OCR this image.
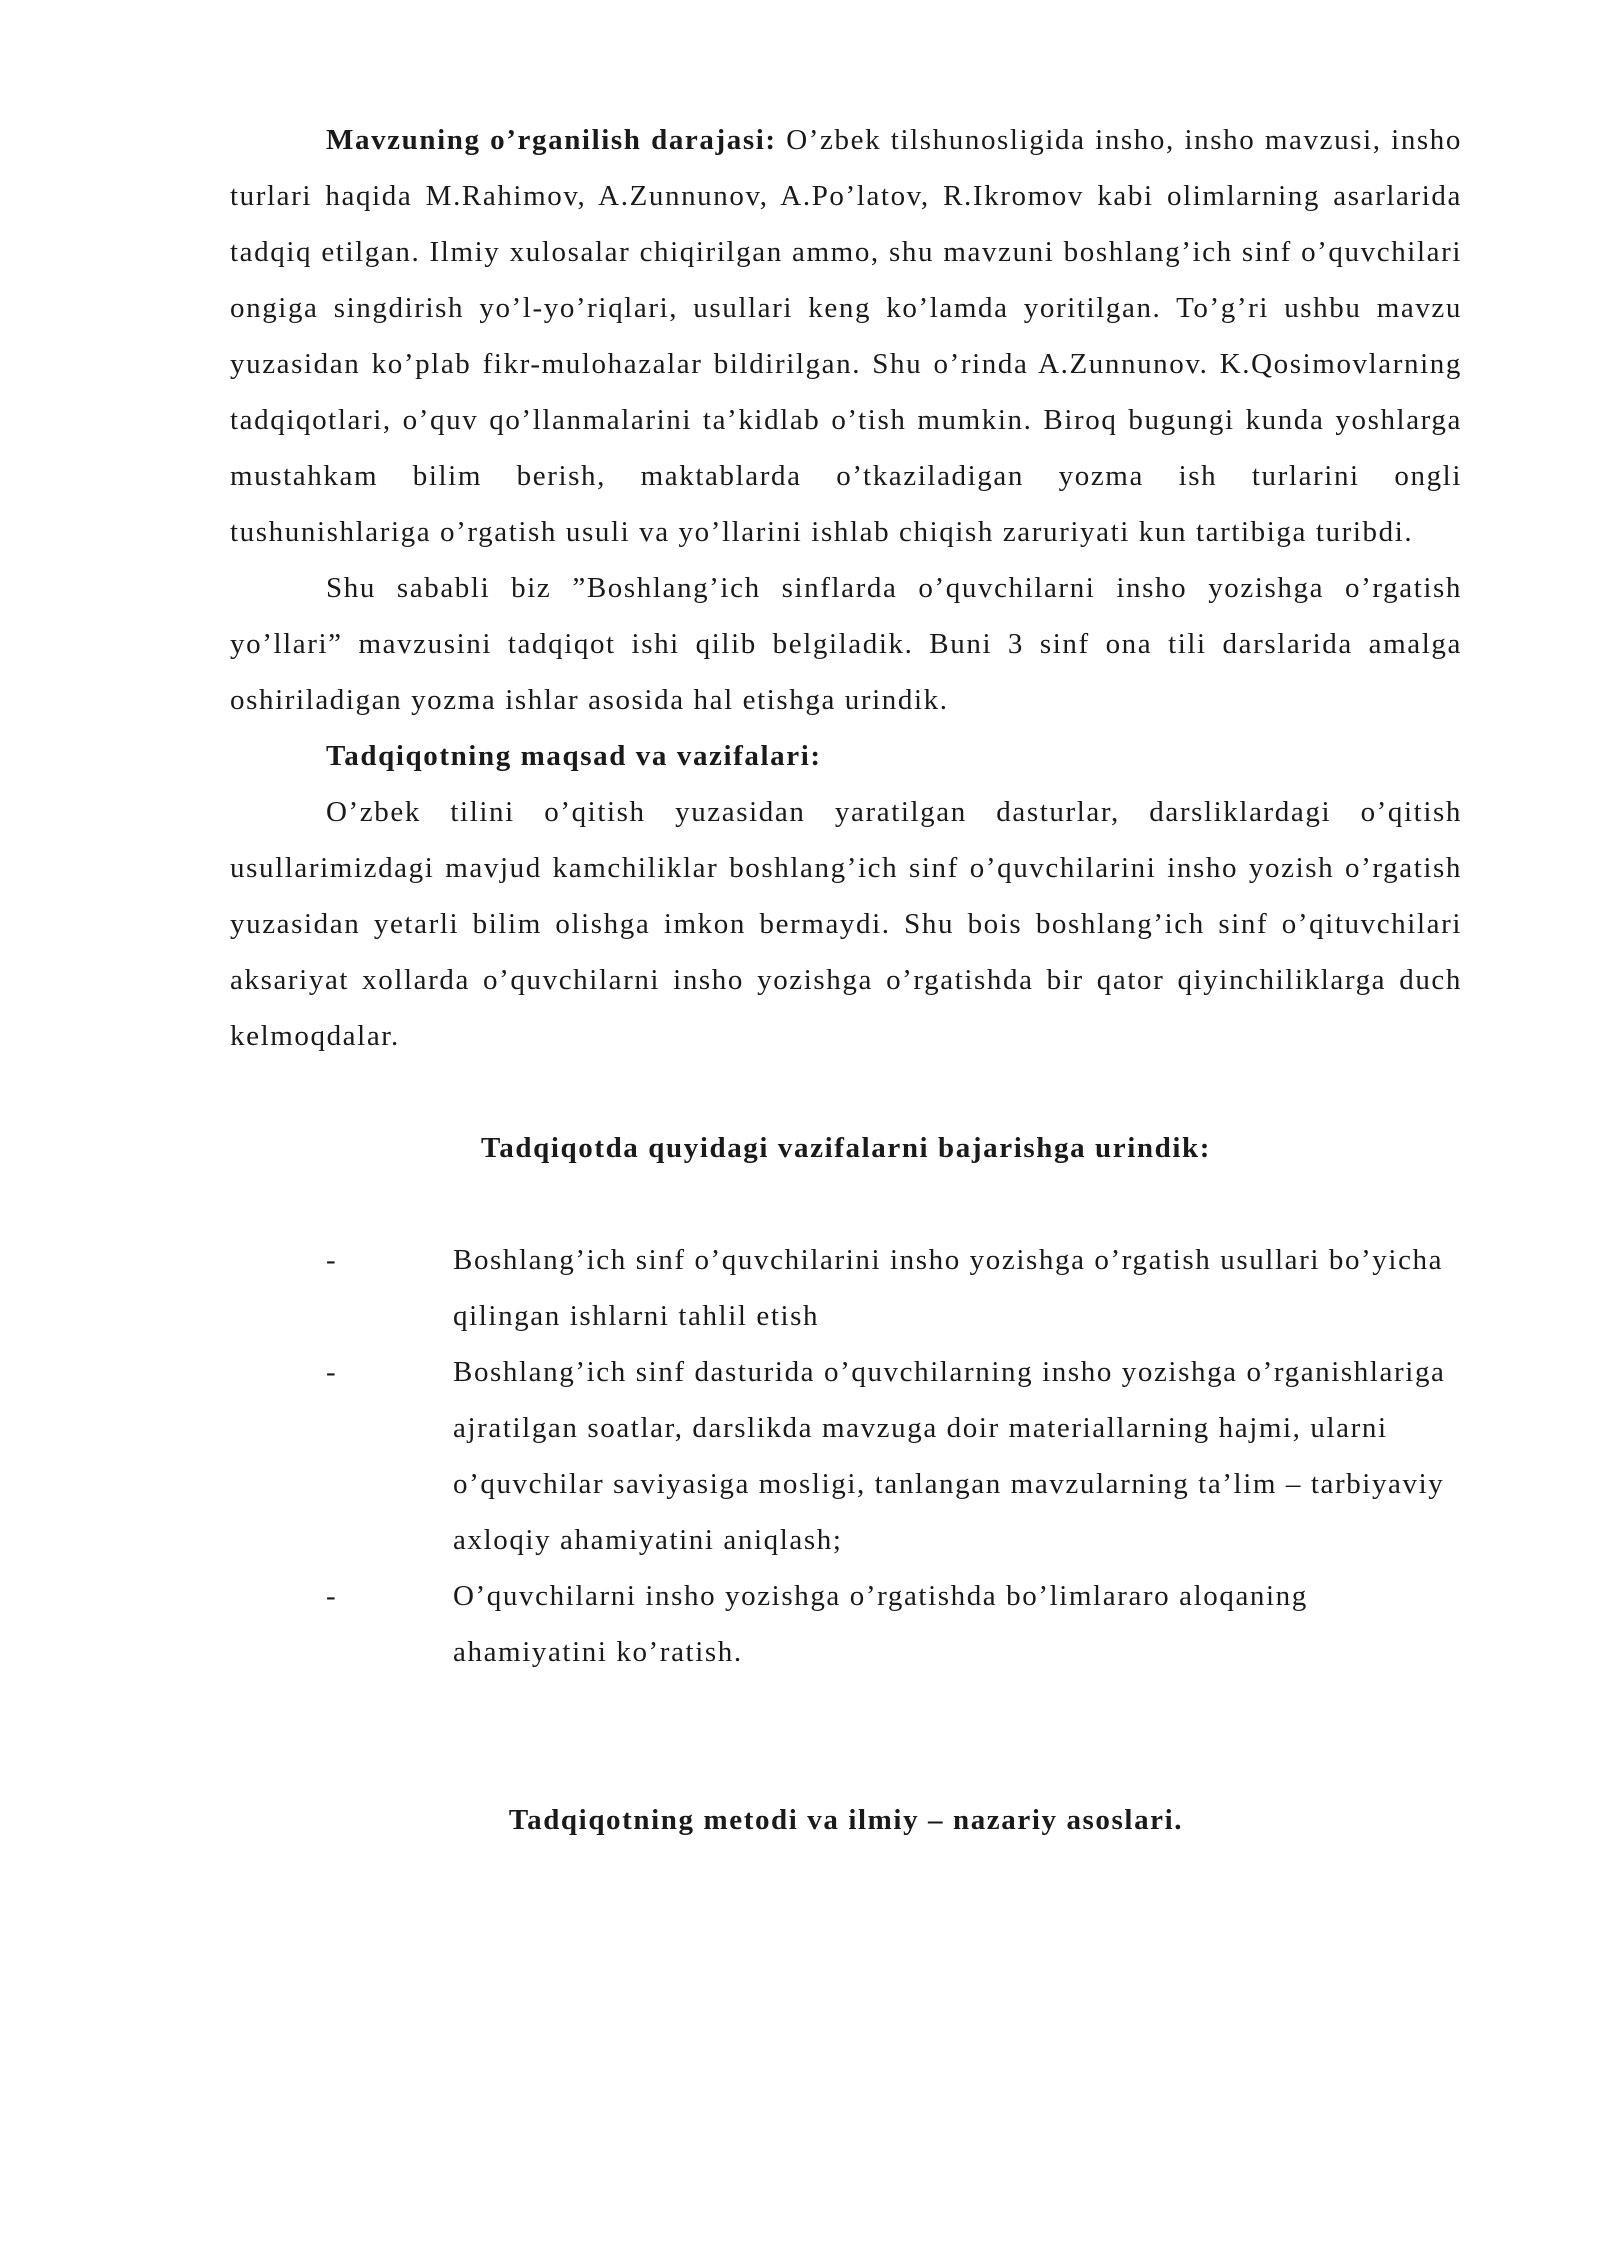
Mavzuning o’rganilish darajasi: O’zbek tilshunosligida insho, insho mavzusi, insho turlari haqida M.Rahimov, A.Zunnunov, A.Po’latov, R.Ikromov kabi olimlarning asarlarida tadqiq etilgan. Ilmiy xulosalar chiqirilgan ammo, shu mavzuni boshlang’ich sinf o’quvchilari ongiga singdirish yo’l-yo’riqlari, usullari keng ko’lamda yoritilgan. To’g’ri ushbu mavzu yuzasidan ko’plab fikr-mulohazalar bildirilgan. Shu o’rinda A.Zunnunov. K.Qosimovlarning tadqiqotlari, o’quv qo’llanmalarini ta’kidlab o’tish mumkin. Biroq bugungi kunda yoshlarga mustahkam bilim berish, maktablarda o’tkaziladigan yozma ish turlarini ongli tushunishlariga o’rgatish usuli va yo’llarini ishlab chiqish zaruriyati kun tartibiga turibdi.

Shu sababli biz ”Boshlang’ich sinflarda o’quvchilarni insho yozishga o’rgatish yo’llari” mavzusini tadqiqot ishi qilib belgiladik. Buni 3 sinf ona tili darslarida amalga oshiriladigan yozma ishlar asosida hal etishga urindik.

Tadqiqotning maqsad va vazifalari:

O’zbek tilini o’qitish yuzasidan yaratilgan dasturlar, darsliklardagi o’qitish usullarimizdagi mavjud kamchiliklar boshlang’ich sinf o’quvchilarini insho yozish o’rgatish yuzasidan yetarli bilim olishga imkon bermaydi. Shu bois boshlang’ich sinf o’qituvchilari aksariyat xollarda o’quvchilarni insho yozishga o’rgatishda bir qator qiyinchiliklarga duch kelmoqdalar.

Tadqiqotda quyidagi vazifalarni bajarishga urindik:

-	Boshlang’ich sinf o’quvchilarini insho yozishga o’rgatish usullari bo’yicha qilingan ishlarni tahlil etish
-	Boshlang’ich sinf dasturida o’quvchilarning insho yozishga o’rganishlariga ajratilgan soatlar, darslikda mavzuga doir materiallarning hajmi, ularni o’quvchilar saviyasiga mosligi, tanlangan mavzularning ta’lim – tarbiyaviy axloqiy ahamiyatini aniqlash;
-	O’quvchilarni insho yozishga o’rgatishda bo’limlararo aloqaning ahamiyatini ko’ratish.

Tadqiqotning metodi va ilmiy – nazariy asoslari.
